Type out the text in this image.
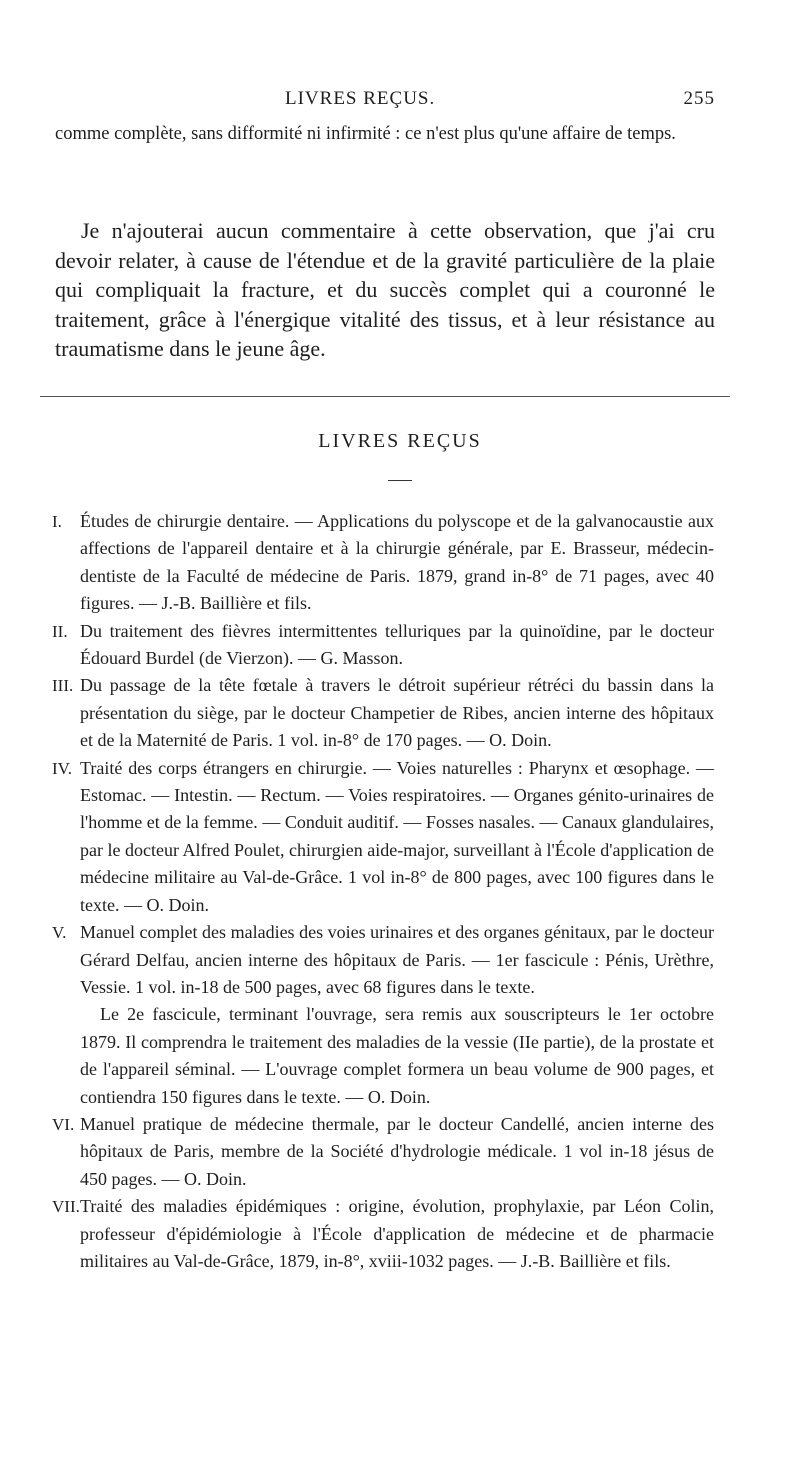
LIVRES REÇUS.	255

comme complète, sans difformité ni infirmité : ce n'est plus qu'une affaire de temps.

Je n'ajouterai aucun commentaire à cette observation, que j'ai cru devoir relater, à cause de l'étendue et de la gravité particulière de la plaie qui compliquait la fracture, et du succès complet qui a couronné le traitement, grâce à l'énergique vitalité des tissus, et à leur résistance au traumatisme dans le jeune âge.

LIVRES REÇUS

I. Études de chirurgie dentaire. — Applications du polyscope et de la galvanocaustie aux affections de l'appareil dentaire et à la chirurgie générale, par E. Brasseur, médecin-dentiste de la Faculté de médecine de Paris. 1879, grand in-8° de 71 pages, avec 40 figures. — J.-B. Baillière et fils.

II. Du traitement des fièvres intermittentes telluriques par la quinoïdine, par le docteur Édouard Burdel (de Vierzon). — G. Masson.

III. Du passage de la tête fœtale à travers le détroit supérieur rétréci du bassin dans la présentation du siège, par le docteur Champetier de Ribes, ancien interne des hôpitaux et de la Maternité de Paris. 1 vol. in-8° de 170 pages. — O. Doin.

IV. Traité des corps étrangers en chirurgie. — Voies naturelles : Pharynx et œsophage. — Estomac. — Intestin. — Rectum. — Voies respiratoires. — Organes génito-urinaires de l'homme et de la femme. — Conduit auditif. — Fosses nasales. — Canaux glandulaires, par le docteur Alfred Poulet, chirurgien aide-major, surveillant à l'École d'application de médecine militaire au Val-de-Grâce. 1 vol in-8° de 800 pages, avec 100 figures dans le texte. — O. Doin.

V. Manuel complet des maladies des voies urinaires et des organes génitaux, par le docteur Gérard Delfau, ancien interne des hôpitaux de Paris. — 1er fascicule : Pénis, Urèthre, Vessie. 1 vol. in-18 de 500 pages, avec 68 figures dans le texte.

Le 2e fascicule, terminant l'ouvrage, sera remis aux souscripteurs le 1er octobre 1879. Il comprendra le traitement des maladies de la vessie (IIe partie), de la prostate et de l'appareil séminal. — L'ouvrage complet formera un beau volume de 900 pages, et contiendra 150 figures dans le texte. — O. Doin.

VI. Manuel pratique de médecine thermale, par le docteur Candellé, ancien interne des hôpitaux de Paris, membre de la Société d'hydrologie médicale. 1 vol in-18 jésus de 450 pages. — O. Doin.

VII. Traité des maladies épidémiques : origine, évolution, prophylaxie, par Léon Colin, professeur d'épidémiologie à l'École d'application de médecine et de pharmacie militaires au Val-de-Grâce, 1879, in-8°, xviii-1032 pages. — J.-B. Baillière et fils.
